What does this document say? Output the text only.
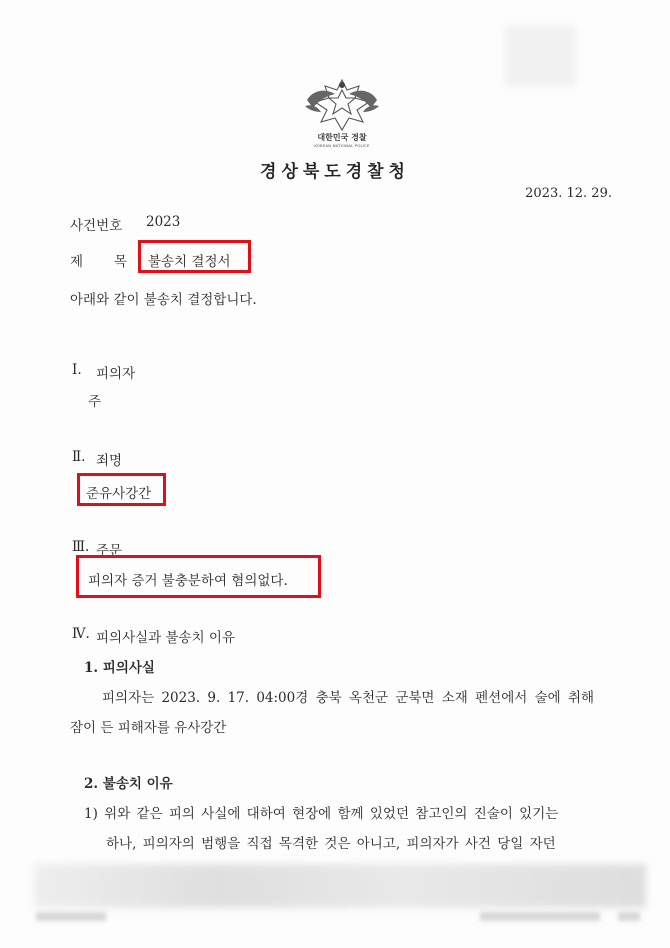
대한민국 경찰
KOREAN NATIONAL POLICE
경상북도경찰청
2023. 12. 29.
사건번호 2023
제 목 불송치 결정서
아래와 같이 불송치 결정합니다.
Ⅰ. 피의자
주
Ⅱ. 죄명
준유사강간
Ⅲ. 주문
피의자 증거 불충분하여 혐의없다.
Ⅳ. 피의사실과 불송치 이유
1. 피의사실
피의자는 2023. 9. 17. 04:00경 충북 옥천군 군북면 소재 펜션에서 술에 취해
잠이 든 피해자를 유사강간
2. 불송치 이유
1) 위와 같은 피의 사실에 대하여 현장에 함께 있었던 참고인의 진술이 있기는
하나, 피의자의 범행을 직접 목격한 것은 아니고, 피의자가 사건 당일 자던
